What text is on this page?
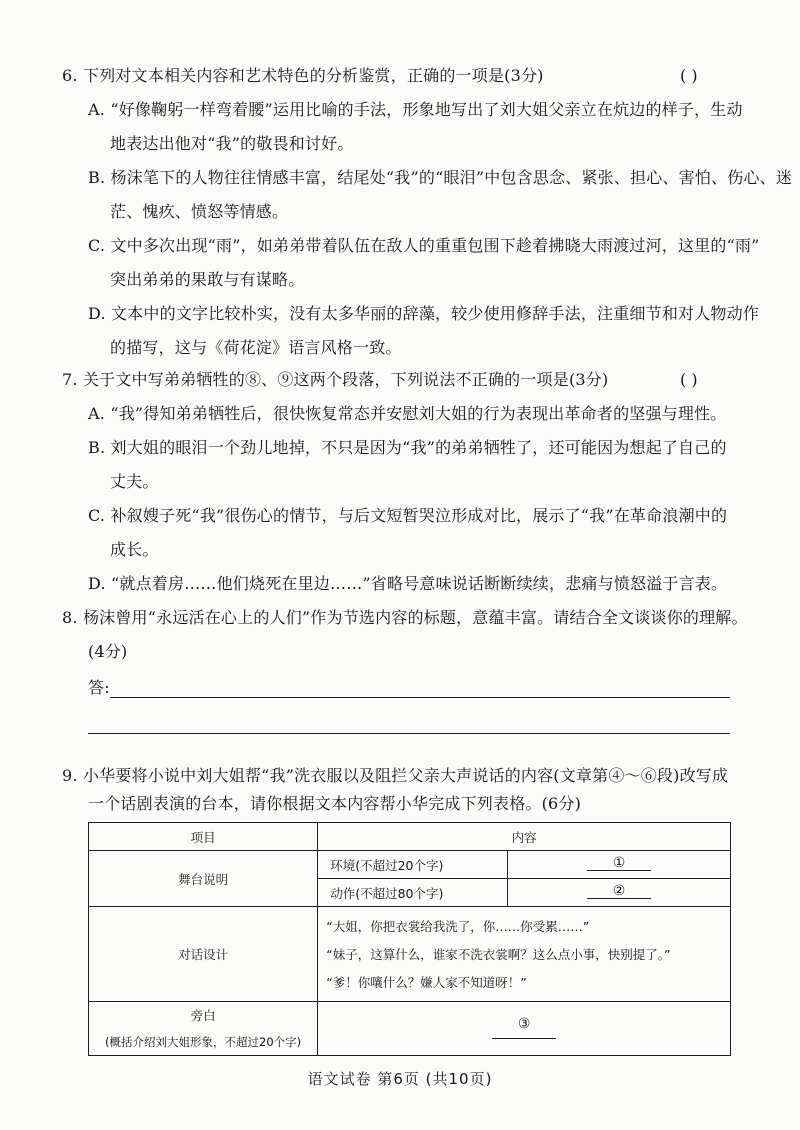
6. 下列对文本相关内容和艺术特色的分析鉴赏，正确的一项是(3分)	( )
A. “好像鞠躬一样弯着腰”运用比喻的手法，形象地写出了刘大姐父亲立在炕边的样子，生动
地表达出他对“我”的敬畏和讨好。
B. 杨沫笔下的人物往往情感丰富，结尾处“我”的“眼泪”中包含思念、紧张、担心、害怕、伤心、迷
茫、愧疚、愤怒等情感。
C. 文中多次出现“雨”，如弟弟带着队伍在敌人的重重包围下趁着拂晓大雨渡过河，这里的“雨”
突出弟弟的果敢与有谋略。
D. 文本中的文字比较朴实，没有太多华丽的辞藻，较少使用修辞手法，注重细节和对人物动作
的描写，这与《荷花淀》语言风格一致。
7. 关于文中写弟弟牺牲的⑧、⑨这两个段落，下列说法不正确的一项是(3分)	( )
A. “我”得知弟弟牺牲后，很快恢复常态并安慰刘大姐的行为表现出革命者的坚强与理性。
B. 刘大姐的眼泪一个劲儿地掉，不只是因为“我”的弟弟牺牲了，还可能因为想起了自己的
丈夫。
C. 补叙嫂子死“我”很伤心的情节，与后文短暂哭泣形成对比，展示了“我”在革命浪潮中的
成长。
D. “就点着房……他们烧死在里边……”省略号意味说话断断续续，悲痛与愤怒溢于言表。
8. 杨沫曾用“永远活在心上的人们”作为节选内容的标题，意蕴丰富。请结合全文谈谈你的理解。
(4分)
答:
9. 小华要将小说中刘大姐帮“我”洗衣服以及阻拦父亲大声说话的内容(文章第④～⑥段)改写成
一个话剧表演的台本，请你根据文本内容帮小华完成下列表格。(6分)
项目	内容	
舞台说明	环境(不超过20个字)	①

	动作(不超过80个字)	②

对话设计	“大姐，你把衣裳给我洗了，你……你受累……”
“妹子，这算什么，谁家不洗衣裳啊？这么点小事，快别提了。”
“爹！你嚷什么？嫌人家不知道呀！”	

旁白
(概括介绍刘大姐形象，不超过20个字)	③	
语文试卷 第6页 (共10页)
